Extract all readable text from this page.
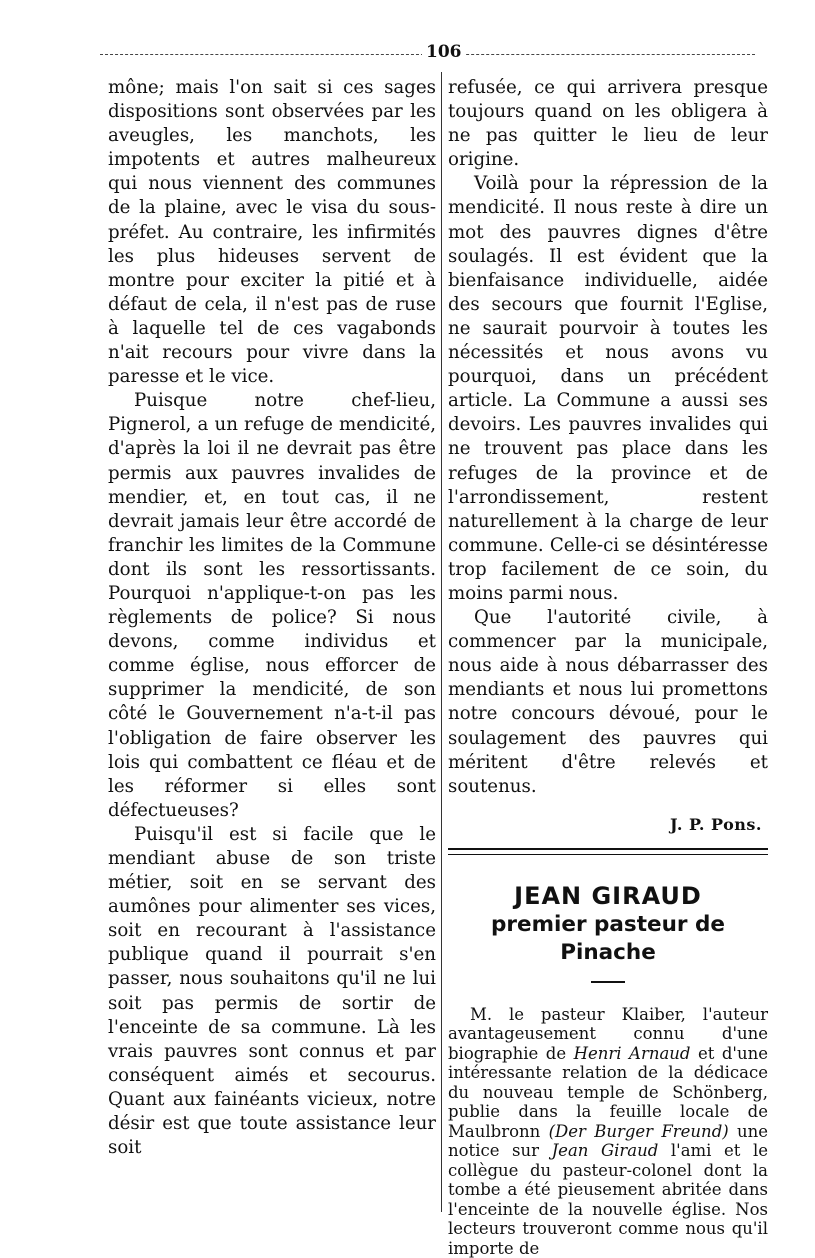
106

mône; mais l'on sait si ces sages dispositions sont observées par les aveugles, les manchots, les impotents et autres malheureux qui nous viennent des communes de la plaine, avec le visa du sous-préfet. Au contraire, les infirmités les plus hideuses servent de montre pour exciter la pitié et à défaut de cela, il n'est pas de ruse à laquelle tel de ces vagabonds n'ait recours pour vivre dans la paresse et le vice.

Puisque notre chef-lieu, Pignerol, a un refuge de mendicité, d'après la loi il ne devrait pas être permis aux pauvres invalides de mendier, et, en tout cas, il ne devrait jamais leur être accordé de franchir les limites de la Commune dont ils sont les ressortissants. Pourquoi n'applique-t-on pas les règlements de police? Si nous devons, comme individus et comme église, nous efforcer de supprimer la mendicité, de son côté le Gouvernement n'a-t-il pas l'obligation de faire observer les lois qui combattent ce fléau et de les réformer si elles sont défectueuses?

Puisqu'il est si facile que le mendiant abuse de son triste métier, soit en se servant des aumônes pour alimenter ses vices, soit en recourant à l'assistance publique quand il pourrait s'en passer, nous souhaitons qu'il ne lui soit pas permis de sortir de l'enceinte de sa commune. Là les vrais pauvres sont connus et par conséquent aimés et secourus. Quant aux fainéants vicieux, notre désir est que toute assistance leur soit

refusée, ce qui arrivera presque toujours quand on les obligera à ne pas quitter le lieu de leur origine.

Voilà pour la répression de la mendicité. Il nous reste à dire un mot des pauvres dignes d'être soulagés. Il est évident que la bienfaisance individuelle, aidée des secours que fournit l'Eglise, ne saurait pourvoir à toutes les nécessités et nous avons vu pourquoi, dans un précédent article. La Commune a aussi ses devoirs. Les pauvres invalides qui ne trouvent pas place dans les refuges de la province et de l'arrondissement, restent naturellement à la charge de leur commune. Celle-ci se désintéresse trop facilement de ce soin, du moins parmi nous.

Que l'autorité civile, à commencer par la municipale, nous aide à nous débarrasser des mendiants et nous lui promettons notre concours dévoué, pour le soulagement des pauvres qui méritent d'être relevés et soutenus.

J. P. Pons.
JEAN GIRAUD
premier pasteur de Pinache

M. le pasteur Klaiber, l'auteur avantageusement connu d'une biographie de Henri Arnaud et d'une intéressante relation de la dédicace du nouveau temple de Schönberg, publie dans la feuille locale de Maulbronn (Der Burger Freund) une notice sur Jean Giraud l'ami et le collègue du pasteur-colonel dont la tombe a été pieusement abritée dans l'enceinte de la nouvelle église. Nos lecteurs trouveront comme nous qu'il importe de
